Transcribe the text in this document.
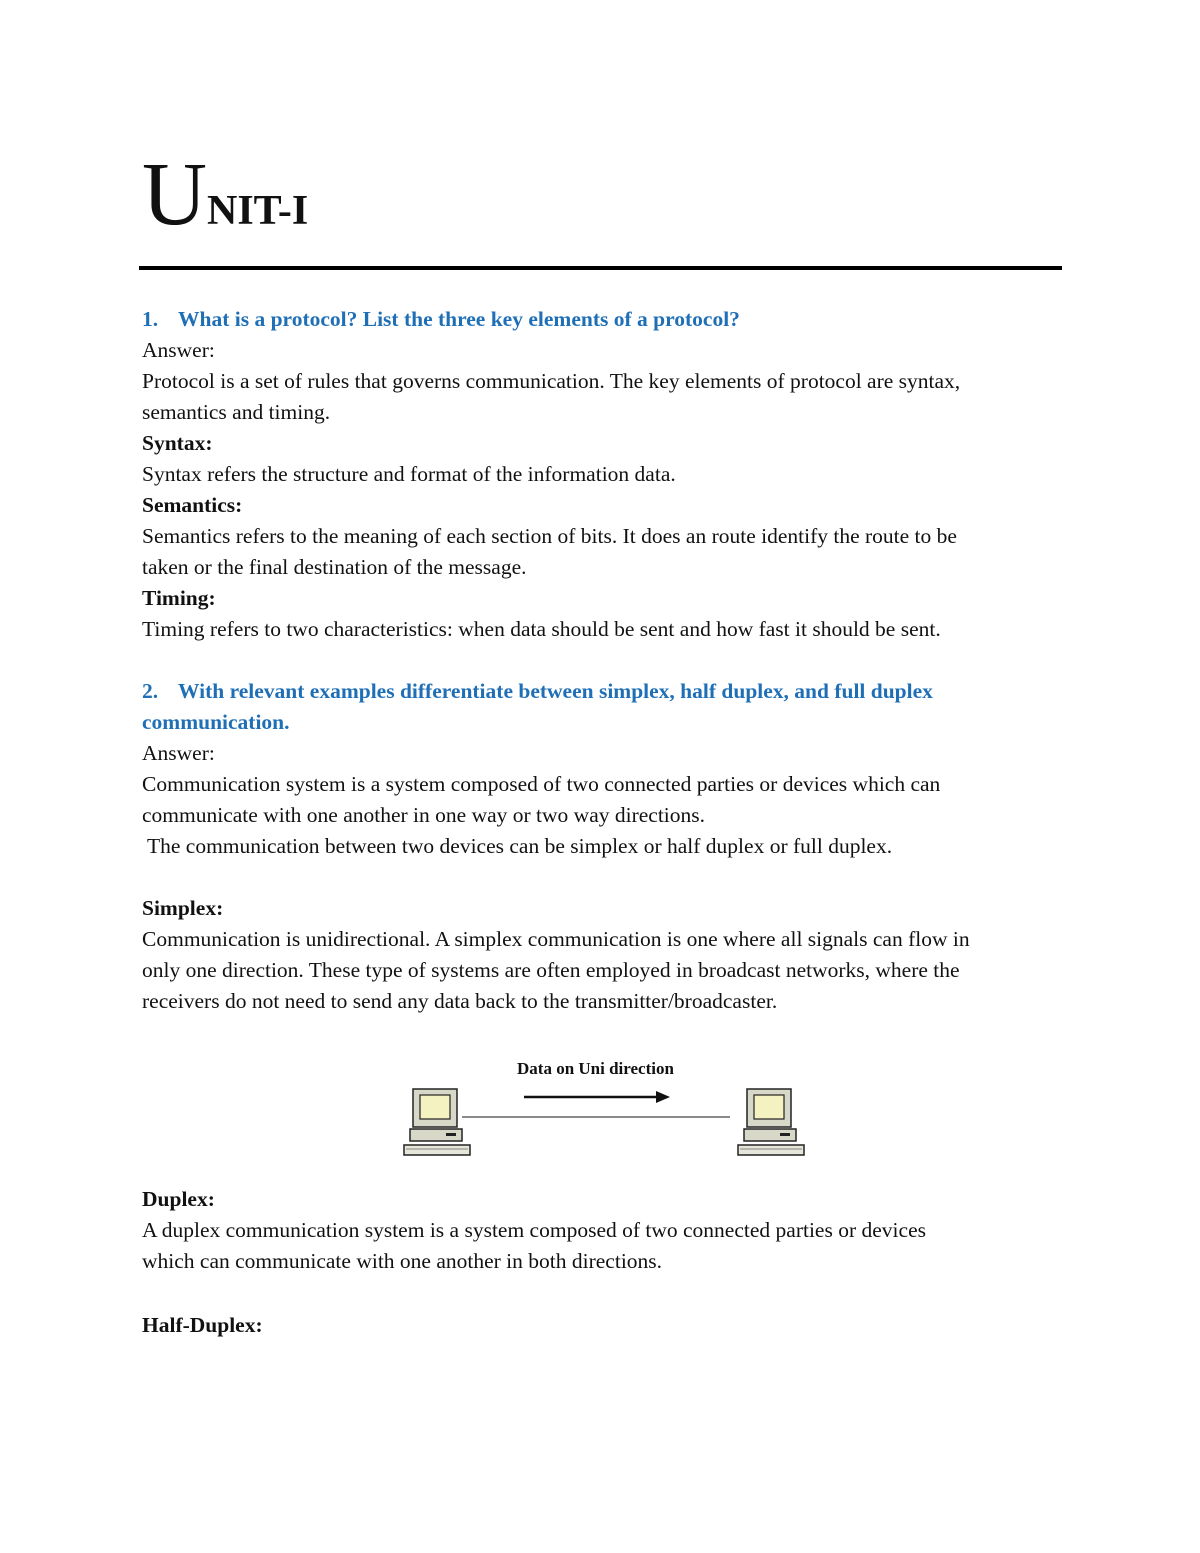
UNIT-I
1. What is a protocol? List the three key elements of a protocol?
Answer:
Protocol is a set of rules that governs communication. The key elements of protocol are syntax,
semantics and timing.
Syntax:
Syntax refers the structure and format of the information data.
Semantics:
Semantics refers to the meaning of each section of bits. It does an route identify the route to be
taken or the final destination of the message.
Timing:
Timing refers to two characteristics: when data should be sent and how fast it should be sent.
2. With relevant examples differentiate between simplex, half duplex, and full duplex
communication.
Answer:
Communication system is a system composed of two connected parties or devices which can
communicate with one another in one way or two way directions.
The communication between two devices can be simplex or half duplex or full duplex.
Simplex:
Communication is unidirectional. A simplex communication is one where all signals can flow in
only one direction. These type of systems are often employed in broadcast networks, where the
receivers do not need to send any data back to the transmitter/broadcaster.
Data on Uni direction
Duplex:
A duplex communication system is a system composed of two connected parties or devices
which can communicate with one another in both directions.
Half-Duplex:
